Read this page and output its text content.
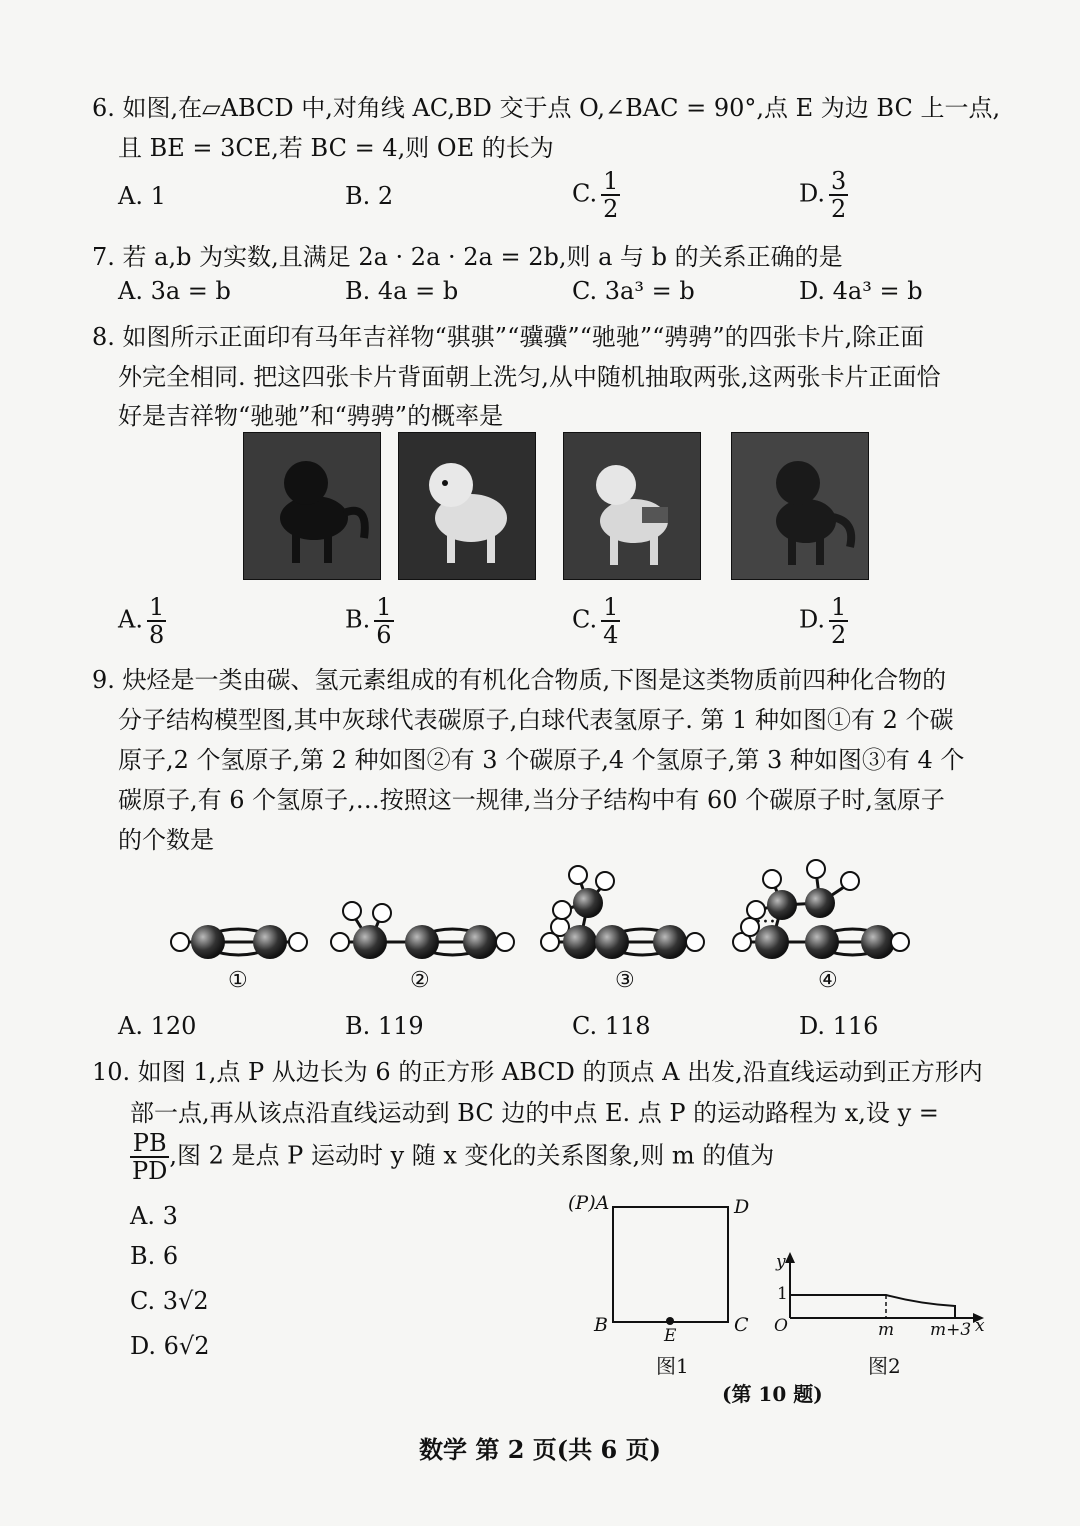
6. 如图,在▱ABCD 中,对角线 AC,BD 交于点 O,∠BAC = 90°,点 E 为边 BC 上一点,
且 BE = 3CE,若 BC = 4,则 OE 的长为
A. 1	B. 2	C. $\frac{1}{2}$	D. $\frac{3}{2}$
7. 若 a,b 为实数,且满足 2a · 2a · 2a = 2b,则 a 与 b 的关系正确的是
A. 3a = b	B. 4a = b	C. 3a³ = b	D. 4a³ = b
8. 如图所示正面印有马年吉祥物“骐骐”“骥骥”“驰驰”“骋骋”的四张卡片,除正面
外完全相同. 把这四张卡片背面朝上洗匀,从中随机抽取两张,这两张卡片正面恰
好是吉祥物“驰驰”和“骋骋”的概率是
A. $\frac{1}{8}$	B. $\frac{1}{6}$	C. $\frac{1}{4}$	D. $\frac{1}{2}$
9. 炔烃是一类由碳、氢元素组成的有机化合物质,下图是这类物质前四种化合物的
分子结构模型图,其中灰球代表碳原子,白球代表氢原子. 第 1 种如图①有 2 个碳
原子,2 个氢原子,第 2 种如图②有 3 个碳原子,4 个氢原子,第 3 种如图③有 4 个
碳原子,有 6 个氢原子,…按照这一规律,当分子结构中有 60 个碳原子时,氢原子
的个数是
···
①	②	③	④
A. 120	B. 119	C. 118	D. 116
10. 如图 1,点 P 从边长为 6 的正方形 ABCD 的顶点 A 出发,沿直线运动到正方形内
部一点,再从该点沿直线运动到 BC 边的中点 E. 点 P 的运动路程为 x,设 y =
$\frac{PB}{PD}$ ,图 2 是点 P 运动时 y 随 x 变化的关系图象,则 m 的值为
A. 3
B. 6
C. 3√2
D. 6√2
(P)A	D
B	C
E
图1
y
1
O	m m+3 x
图2
(第 10 题)
数学 第 2 页(共 6 页)
